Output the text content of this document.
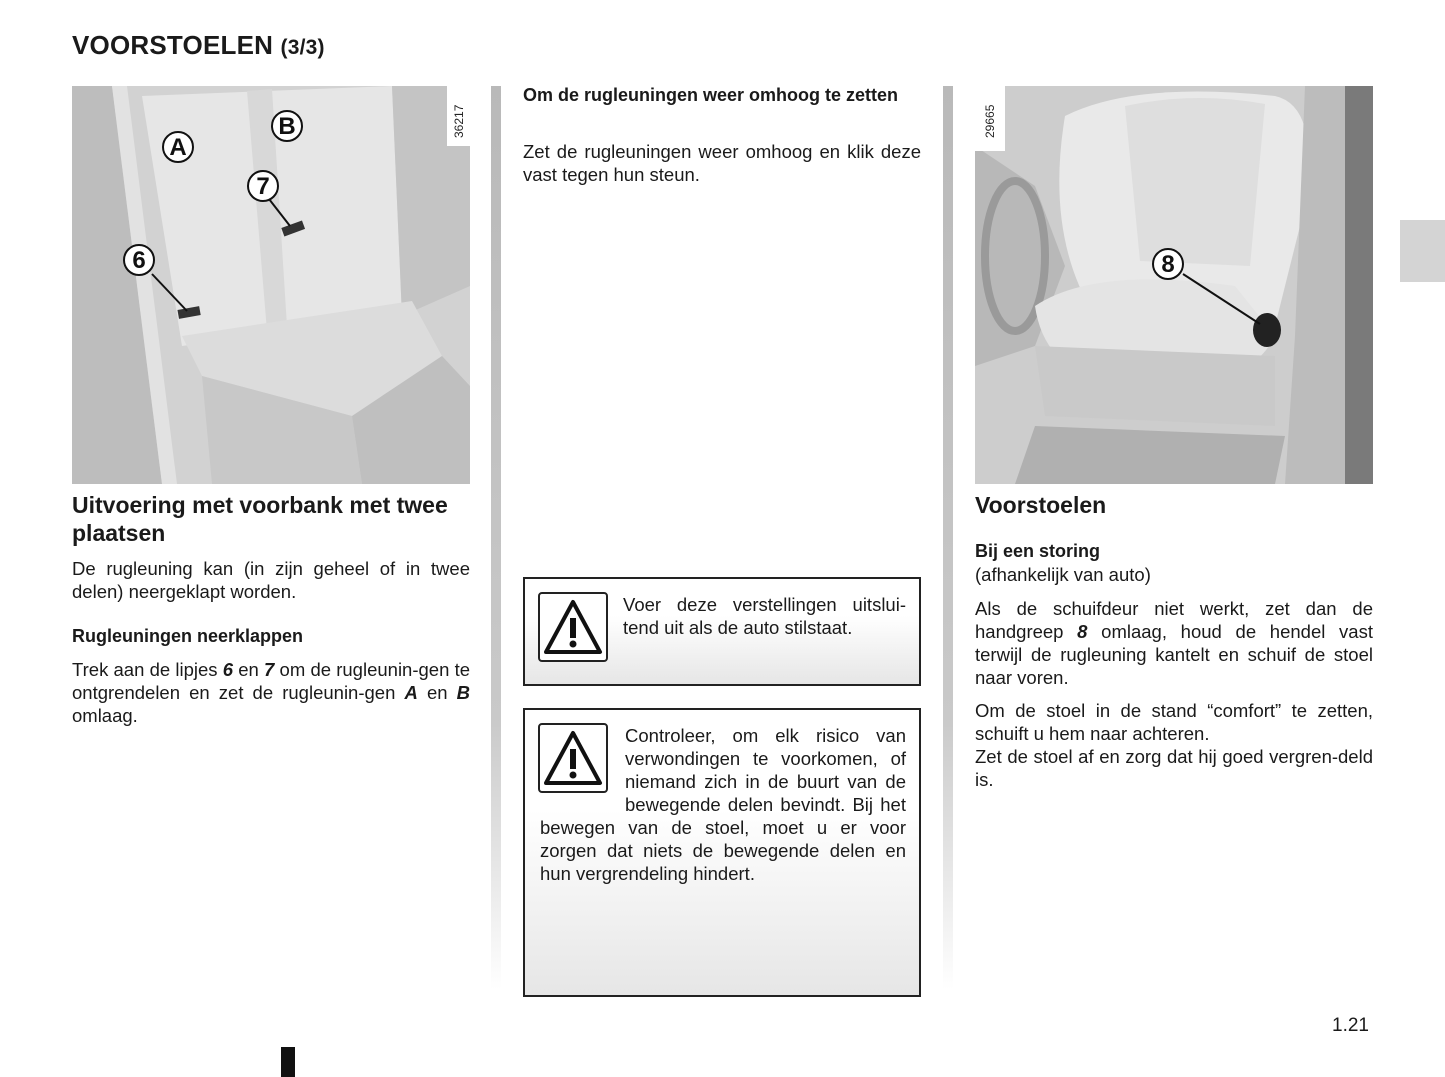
VOORSTOELEN (3/3)
A
B
7
6
36217
Uitvoering met voorbank met twee plaatsen

De rugleuning kan (in zijn geheel of in twee delen) neergeklapt worden.

Rugleuningen neerklappen

Trek aan de lipjes 6 en 7 om de rugleunin-gen te ontgrendelen en zet de rugleunin-gen A en B omlaag.

Om de rugleuningen weer omhoog te zetten

Zet de rugleuningen weer omhoog en klik deze vast tegen hun steun.

Voer deze verstellingen uitslui-tend uit als de auto stilstaat.

Controleer, om elk risico van verwondingen te voorkomen, of niemand zich in de buurt van de bewegende delen bevindt. Bij het bewegen van de stoel, moet u er voor zorgen dat niets de bewegende delen en hun vergrendeling hindert.

8
29665
Voorstoelen
Bij een storing

(afhankelijk van auto)

Als de schuifdeur niet werkt, zet dan de handgreep 8 omlaag, houd de hendel vast terwijl de rugleuning kantelt en schuif de stoel naar voren.

Om de stoel in de stand “comfort” te zetten, schuift u hem naar achteren.

Zet de stoel af en zorg dat hij goed vergren-deld is.

1.21
